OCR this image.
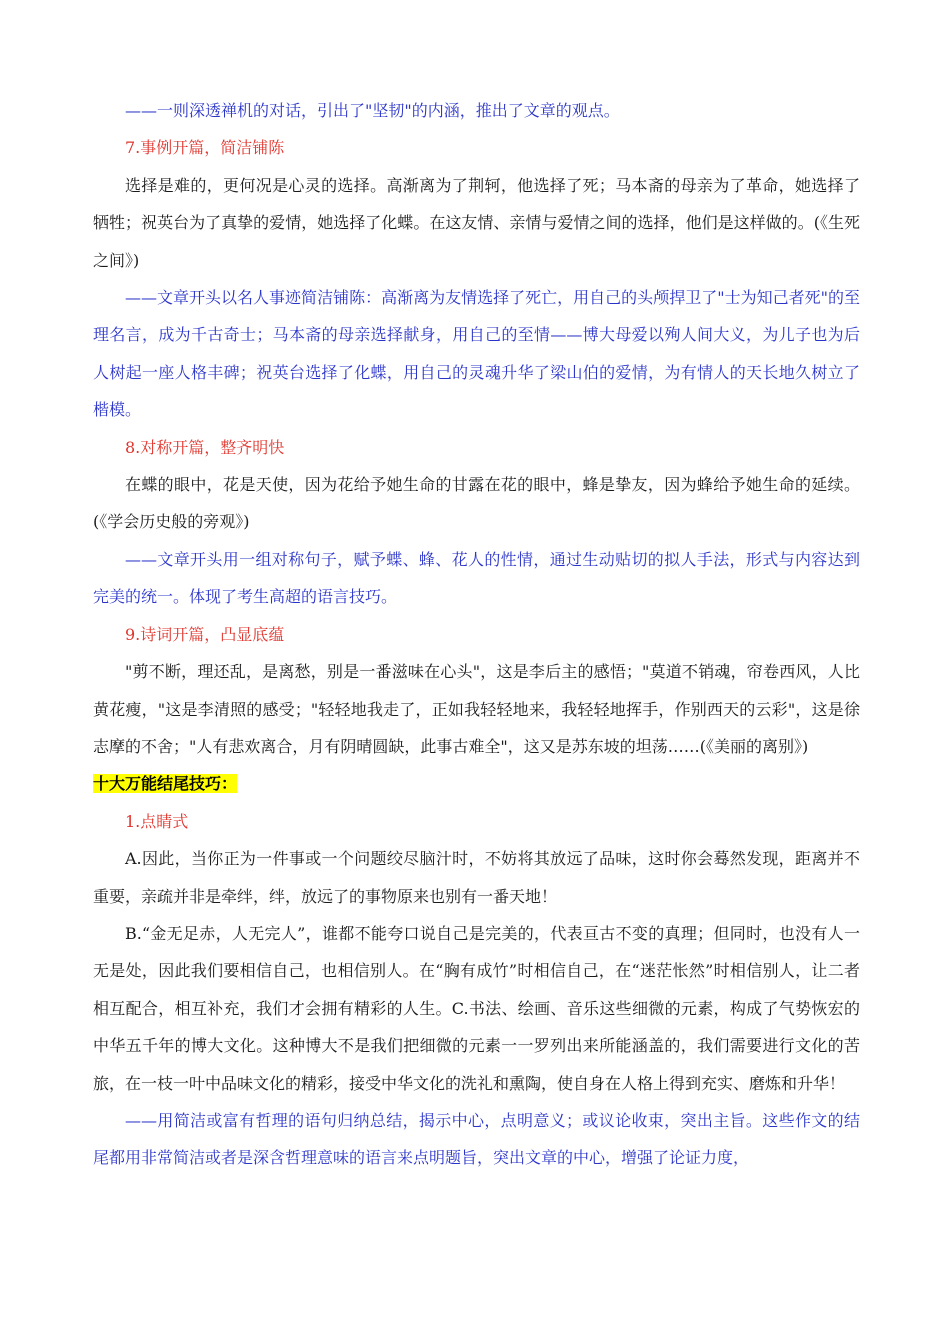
——一则深透禅机的对话，引出了"坚韧"的内涵，推出了文章的观点。

7.事例开篇，简洁铺陈

选择是难的，更何况是心灵的选择。高渐离为了荆轲，他选择了死；马本斋的母亲为了革命，她选择了牺牲；祝英台为了真挚的爱情，她选择了化蝶。在这友情、亲情与爱情之间的选择，他们是这样做的。(《生死之间》)

——文章开头以名人事迹简洁铺陈：高渐离为友情选择了死亡，用自己的头颅捍卫了"士为知己者死"的至理名言，成为千古奇士；马本斋的母亲选择献身，用自己的至情——博大母爱以殉人间大义，为儿子也为后人树起一座人格丰碑；祝英台选择了化蝶，用自己的灵魂升华了梁山伯的爱情，为有情人的天长地久树立了楷模。

8.对称开篇，整齐明快

在蝶的眼中，花是天使，因为花给予她生命的甘露在花的眼中，蜂是挚友，因为蜂给予她生命的延续。(《学会历史般的旁观》)

——文章开头用一组对称句子，赋予蝶、蜂、花人的性情，通过生动贴切的拟人手法，形式与内容达到完美的统一。体现了考生高超的语言技巧。

9.诗词开篇，凸显底蕴

"剪不断，理还乱，是离愁，别是一番滋味在心头"，这是李后主的感悟；"莫道不销魂，帘卷西风，人比黄花瘦，"这是李清照的感受；"轻轻地我走了，正如我轻轻地来，我轻轻地挥手，作别西天的云彩"，这是徐志摩的不舍；"人有悲欢离合，月有阴晴圆缺，此事古难全"，这又是苏东坡的坦荡……(《美丽的离别》)

十大万能结尾技巧：

1.点睛式

A.因此，当你正为一件事或一个问题绞尽脑汁时，不妨将其放远了品味，这时你会蓦然发现，距离并不重要，亲疏并非是牵绊，绊，放远了的事物原来也别有一番天地！

B.“金无足赤，人无完人”，谁都不能夸口说自己是完美的，代表亘古不变的真理；但同时，也没有人一无是处，因此我们要相信自己，也相信别人。在“胸有成竹”时相信自己，在“迷茫怅然”时相信别人，让二者相互配合，相互补充，我们才会拥有精彩的人生。C.书法、绘画、音乐这些细微的元素，构成了气势恢宏的中华五千年的博大文化。这种博大不是我们把细微的元素一一罗列出来所能涵盖的，我们需要进行文化的苦旅，在一枝一叶中品味文化的精彩，接受中华文化的洗礼和熏陶，使自身在人格上得到充实、磨炼和升华！

——用简洁或富有哲理的语句归纳总结，揭示中心，点明意义；或议论收束，突出主旨。这些作文的结尾都用非常简洁或者是深含哲理意味的语言来点明题旨，突出文章的中心，增强了论证力度，
